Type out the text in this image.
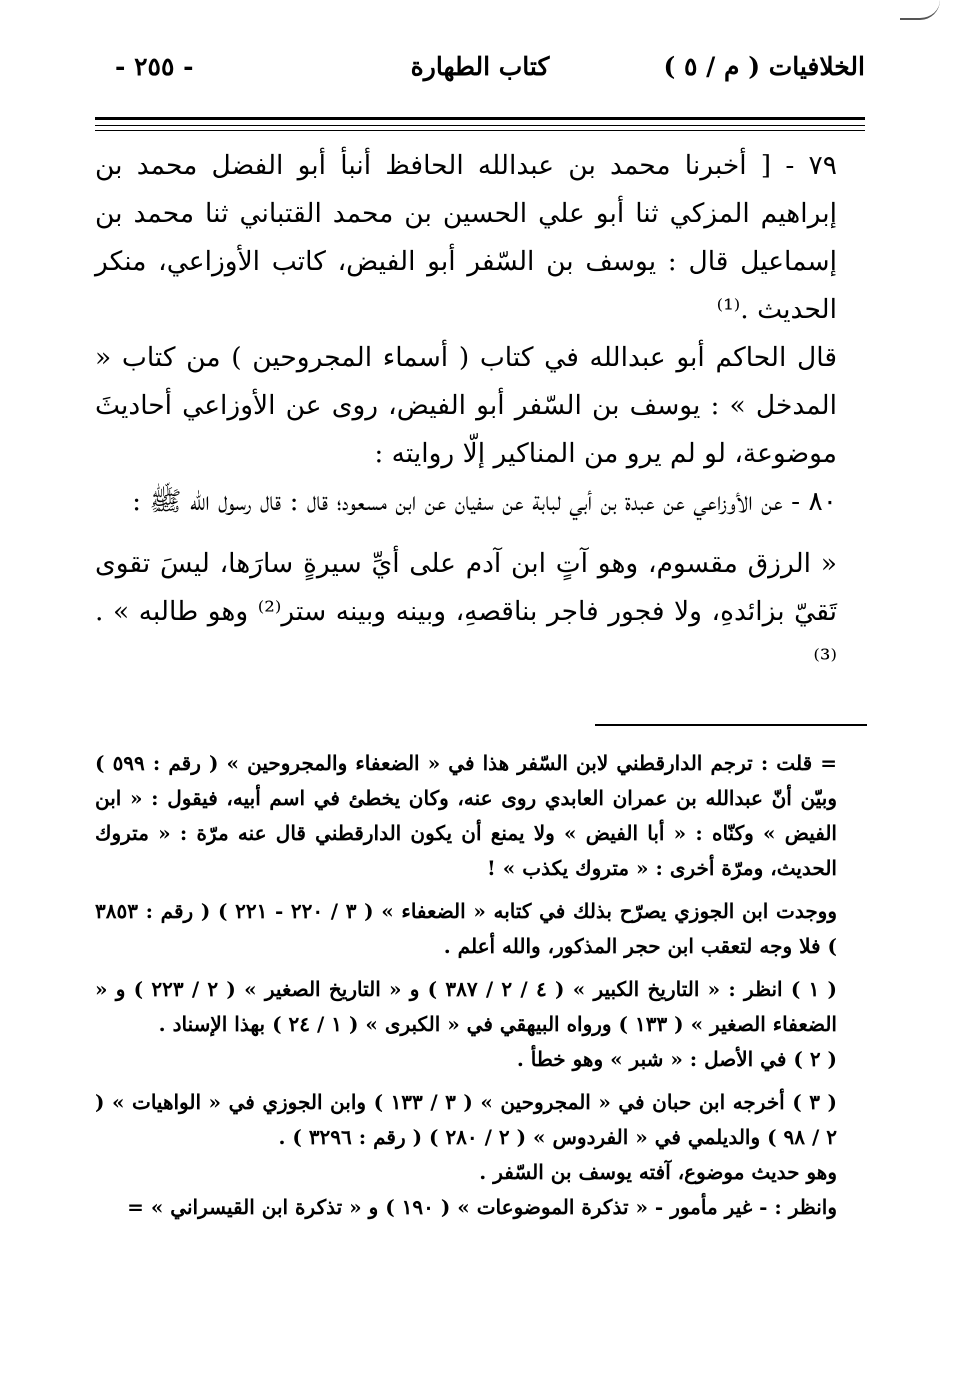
الخلافيات ( م / ٥ )
كتاب الطهارة
- ٢٥٥ -

٧٩ - [ أخبرنا محمد بن عبدالله الحافظ أنبأ أبو الفضل محمد بن إبراهيم المزكي ثنا أبو علي الحسين بن محمد القتباني ثنا محمد بن إسماعيل قال : يوسف بن السّفر أبو الفيض، كاتب الأوزاعي، منكر الحديث .⁽¹⁾

قال الحاكم أبو عبدالله في كتاب ( أسماء المجروحين ) من كتاب « المدخل » : يوسف بن السّفر أبو الفيض، روى عن الأوزاعي أحاديثَ موضوعة، لو لم يرو من المناكير إلّا روايته :

٨٠ - عن الأوزاعي عن عبدة بن أبي لبابة عن سفيان عن ابن مسعود؛ قال : قال رسول الله ﷺ :

« الرزق مقسوم، وهو آتٍ ابن آدم على أيِّ سيرةٍ سارَها، ليسَ تقوى تَقيّ بزائدهِ، ولا فجور فاجر بناقصهِ، وبينه وبينه ستر⁽²⁾ وهو طالبه » .⁽³⁾

= قلت : ترجم الدارقطني لابن السّفر هذا في « الضعفاء والمجروحين » ( رقم : ٥٩٩ ) وبيّن أنّ عبدالله بن عمران العابدي روى عنه، وكان يخطئ في اسم أبيه، فيقول : « ابن الفيض » وكنّاه : « أبا الفيض » ولا يمنع أن يكون الدارقطني قال عنه مرّة : « متروك الحديث، ومرّة أخرى : « متروك يكذب » !

ووجدت ابن الجوزي يصرّح بذلك في كتابه « الضعفاء » ( ٣ / ٢٢٠ - ٢٢١ ) ( رقم : ٣٨٥٣ ) فلا وجه لتعقب ابن حجر المذكور، والله أعلم .

( ١ ) انظر : « التاريخ الكبير » ( ٤ / ٢ / ٣٨٧ ) و « التاريخ الصغير » ( ٢ / ٢٢٣ ) و « الضعفاء الصغير » ( ١٣٣ ) ورواه البيهقي في « الكبرى » ( ١ / ٢٤ ) بهذا الإسناد .

( ٢ ) في الأصل : « شبر » وهو خطأ .

( ٣ ) أخرجه ابن حبان في « المجروحين » ( ٣ / ١٣٣ ) وابن الجوزي في « الواهيات » ( ٢ / ٩٨ ) والديلمي في « الفردوس » ( ٢ / ٢٨٠ ) ( رقم : ٣٢٩٦ ) .

وهو حديث موضوع، آفته يوسف بن السّفر .

وانظر : - غير مأمور - « تذكرة الموضوعات » ( ١٩٠ ) و « تذكرة ابن القيسراني » =
